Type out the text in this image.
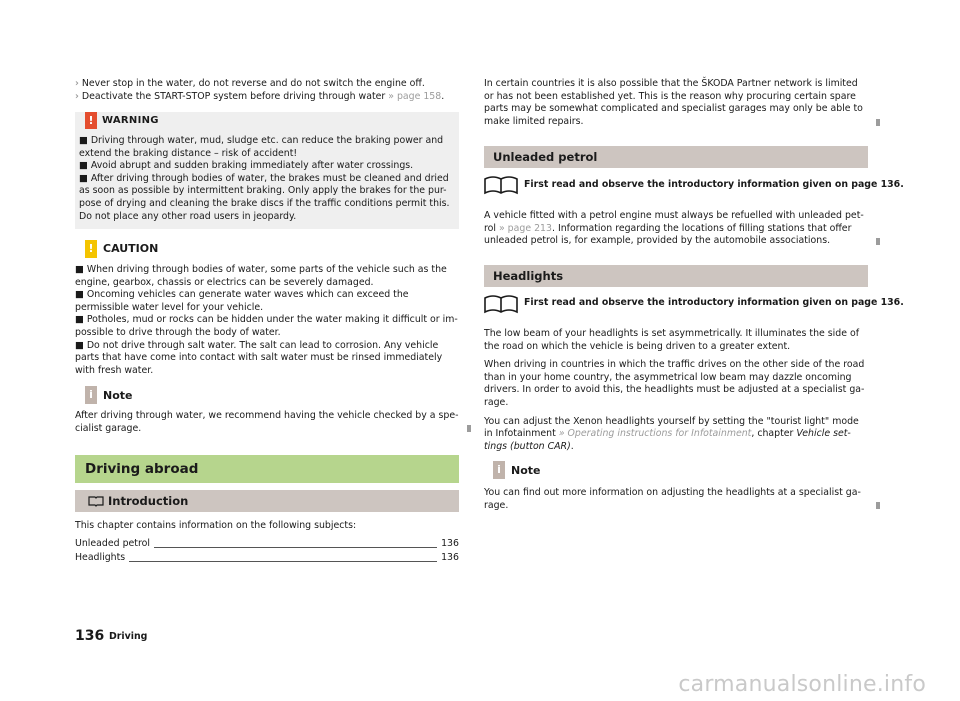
› Never stop in the water, do not reverse and do not switch the engine off.

› Deactivate the START-STOP system before driving through water » page 158.

! WARNING

■ Driving through water, mud, sludge etc. can reduce the braking power and extend the braking distance – risk of accident!

■ Avoid abrupt and sudden braking immediately after water crossings.

■ After driving through bodies of water, the brakes must be cleaned and dried as soon as possible by intermittent braking. Only apply the brakes for the pur-pose of drying and cleaning the brake discs if the traffic conditions permit this. Do not place any other road users in jeopardy.

! CAUTION

■ When driving through bodies of water, some parts of the vehicle such as the engine, gearbox, chassis or electrics can be severely damaged.

■ Oncoming vehicles can generate water waves which can exceed the permissible water level for your vehicle.

■ Potholes, mud or rocks can be hidden under the water making it difficult or im-possible to drive through the body of water.

■ Do not drive through salt water. The salt can lead to corrosion. Any vehicle parts that have come into contact with salt water must be rinsed immediately with fresh water.

i Note

After driving through water, we recommend having the vehicle checked by a spe-cialist garage.

Driving abroad
Introduction

This chapter contains information on the following subjects:

Unleaded petrol	136
Headlights	136

In certain countries it is also possible that the ŠKODA Partner network is limited or has not been established yet. This is the reason why procuring certain spare parts may be somewhat complicated and specialist garages may only be able to make limited repairs.

Unleaded petrol
First read and observe the introductory information given on page 136.

A vehicle fitted with a petrol engine must always be refuelled with unleaded pet-rol » page 213. Information regarding the locations of filling stations that offer unleaded petrol is, for example, provided by the automobile associations.

Headlights
First read and observe the introductory information given on page 136.

The low beam of your headlights is set asymmetrically. It illuminates the side of the road on which the vehicle is being driven to a greater extent.

When driving in countries in which the traffic drives on the other side of the road than in your home country, the asymmetrical low beam may dazzle oncoming drivers. In order to avoid this, the headlights must be adjusted at a specialist ga-rage.

You can adjust the Xenon headlights yourself by setting the "tourist light" mode in Infotainment » Operating instructions for Infotainment, chapter Vehicle set-tings (button CAR).

i Note

You can find out more information on adjusting the headlights at a specialist ga-rage.

136 Driving
carmanualsonline.info
